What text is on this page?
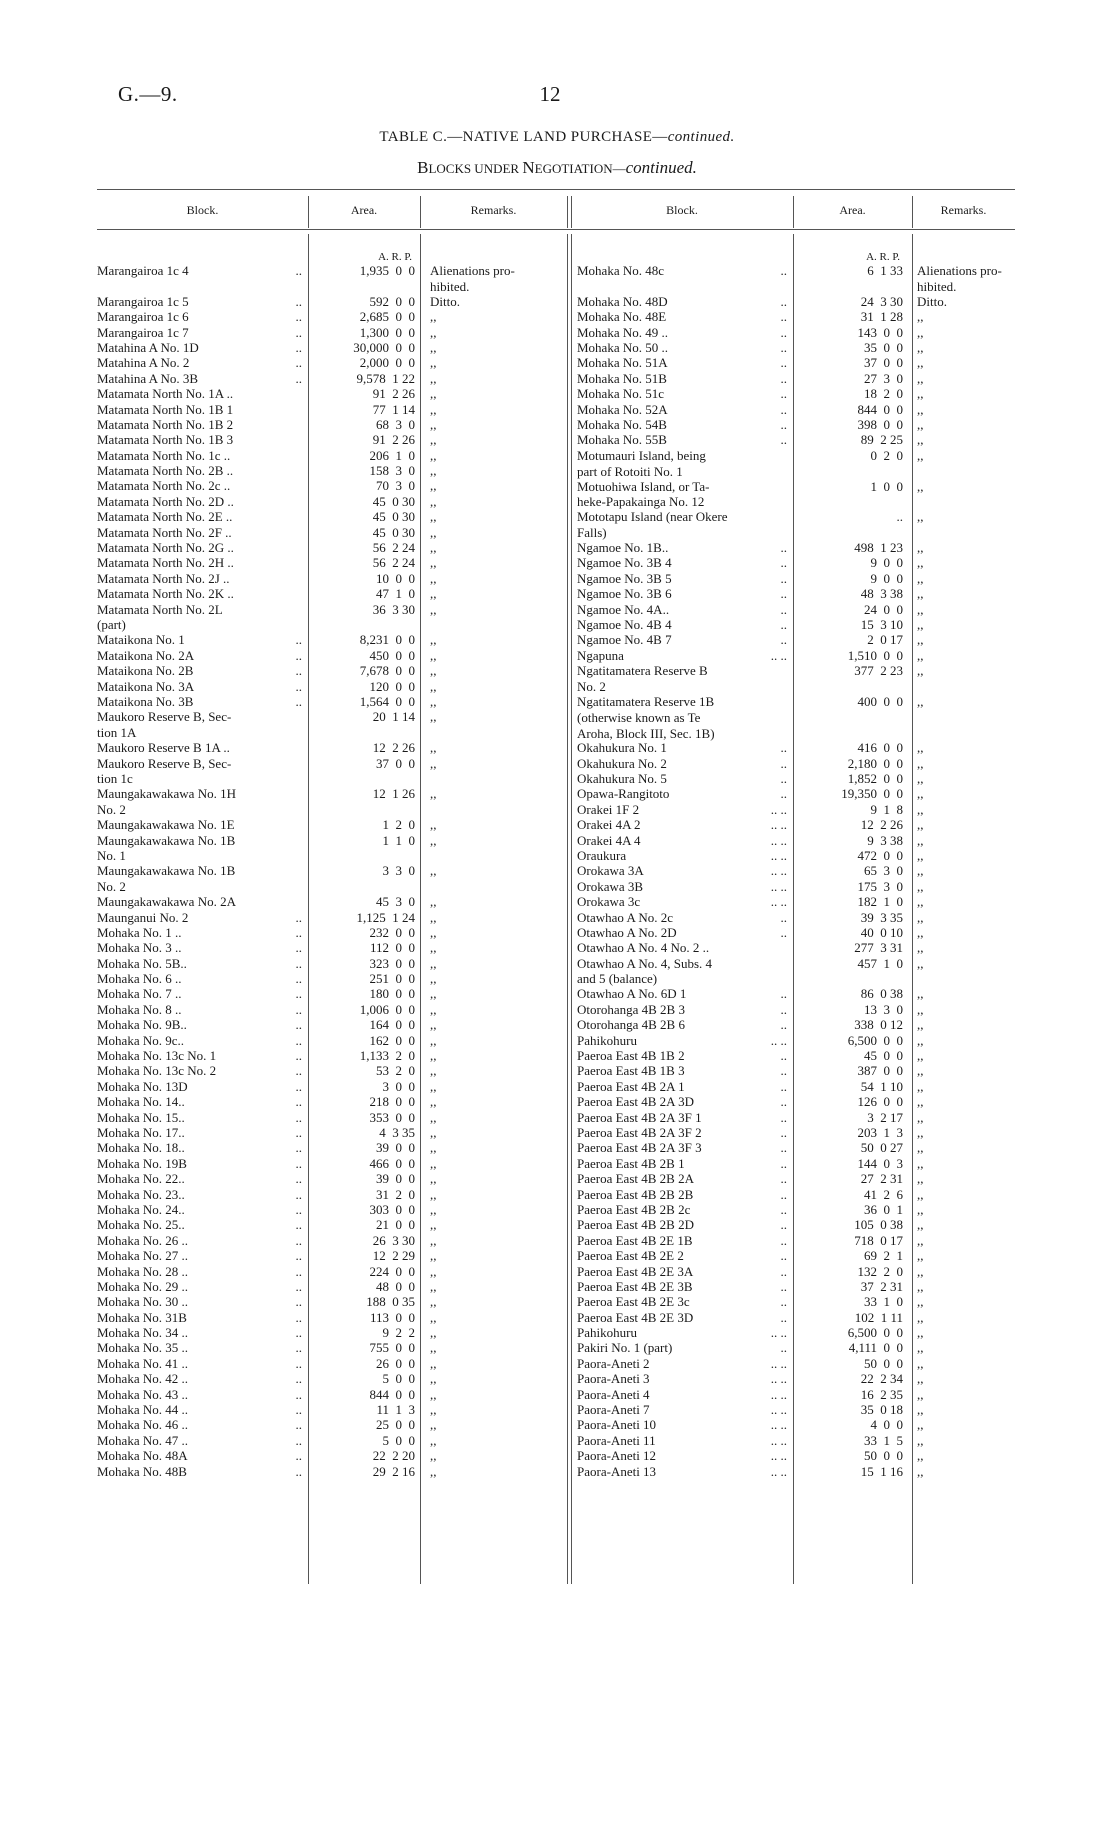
G.—9.	12
TABLE C.—NATIVE LAND PURCHASE—continued.
BLOCKS UNDER NEGOTIATION—continued.
Block.	Area.	Remarks.	Block.	Area.	Remarks.
A. R. P.	A. R. P.
Marangairoa 1c 4	..	1,935  0  0 Alienations pro-
hibited.
Marangairoa 1c 5	..	592  0  0 Ditto.
Marangairoa 1c 6	..	2,685  0  0 ,,
Marangairoa 1c 7	..	1,300  0  0 ,,
Matahina A No. 1D	..	30,000  0  0 ,,
Matahina A No. 2	..	2,000  0  0 ,,
Matahina A No. 3B	..	9,578  1 22 ,,
Matamata North No. 1A ..	91  2 26 ,,
Matamata North No. 1B 1	77  1 14 ,,
Matamata North No. 1B 2	68  3  0 ,,
Matamata North No. 1B 3	91  2 26 ,,
Matamata North No. 1c ..	206  1  0 ,,
Matamata North No. 2B ..	158  3  0 ,,
Matamata North No. 2c ..	70  3  0 ,,
Matamata North No. 2D ..	45  0 30 ,,
Matamata North No. 2E ..	45  0 30 ,,
Matamata North No. 2F ..	45  0 30 ,,
Matamata North No. 2G ..	56  2 24 ,,
Matamata North No. 2H ..	56  2 24 ,,
Matamata North No. 2J ..	10  0  0 ,,
Matamata North No. 2K ..	47  1  0 ,,
Matamata North No. 2L
(part)
36  3 30 ,,
Mataikona No. 1	..	8,231  0  0 ,,
Mataikona No. 2A	..	450  0  0 ,,
Mataikona No. 2B	..	7,678  0  0 ,,
Mataikona No. 3A	..	120  0  0 ,,
Mataikona No. 3B	..	1,564  0  0 ,,
Maukoro Reserve B, Sec-
tion 1A
20  1 14 ,,
Maukoro Reserve B 1A ..	12  2 26 ,,
Maukoro Reserve B, Sec-
tion 1c
37  0  0 ,,
Maungakawakawa No. 1H
No. 2
12  1 26 ,,
Maungakawakawa No. 1E	1  2  0 ,,
Maungakawakawa No. 1B
No. 1
1  1  0 ,,
Maungakawakawa No. 1B
No. 2
3  3  0 ,,
Maungakawakawa No. 2A	45  3  0 ,,
Maunganui No. 2	..	1,125  1 24 ,,
Mohaka No. 1 ..	..	232  0  0 ,,
Mohaka No. 3 ..	..	112  0  0 ,,
Mohaka No. 5B..	..	323  0  0 ,,
Mohaka No. 6 ..	..	251  0  0 ,,
Mohaka No. 7 ..	..	180  0  0 ,,
Mohaka No. 8 ..	..	1,006  0  0 ,,
Mohaka No. 9B..	..	164  0  0 ,,
Mohaka No. 9c..	..	162  0  0 ,,
Mohaka No. 13c No. 1	..	1,133  2  0 ,,
Mohaka No. 13c No. 2	..	53  2  0 ,,
Mohaka No. 13D	..	3  0  0 ,,
Mohaka No. 14..	..	218  0  0 ,,
Mohaka No. 15..	..	353  0  0 ,,
Mohaka No. 17..	..	4  3 35 ,,
Mohaka No. 18..	..	39  0  0 ,,
Mohaka No. 19B	..	466  0  0 ,,
Mohaka No. 22..	..	39  0  0 ,,
Mohaka No. 23..	..	31  2  0 ,,
Mohaka No. 24..	..	303  0  0 ,,
Mohaka No. 25..	..	21  0  0 ,,
Mohaka No. 26 ..	..	26  3 30 ,,
Mohaka No. 27 ..	..	12  2 29 ,,
Mohaka No. 28 ..	..	224  0  0 ,,
Mohaka No. 29 ..	..	48  0  0 ,,
Mohaka No. 30 ..	..	188  0 35 ,,
Mohaka No. 31B	..	113  0  0 ,,
Mohaka No. 34 ..	..	9  2  2 ,,
Mohaka No. 35 ..	..	755  0  0 ,,
Mohaka No. 41 ..	..	26  0  0 ,,
Mohaka No. 42 ..	..	5  0  0 ,,
Mohaka No. 43 ..	..	844  0  0 ,,
Mohaka No. 44 ..	..	11  1  3 ,,
Mohaka No. 46 ..	..	25  0  0 ,,
Mohaka No. 47 ..	..	5  0  0 ,,
Mohaka No. 48A	..	22  2 20 ,,
Mohaka No. 48B	..	29  2 16 ,,
Mohaka No. 48c	..	6  1 33 Alienations pro-
hibited.
Mohaka No. 48D	..	24  3 30 Ditto.
Mohaka No. 48E	..	31  1 28 ,,
Mohaka No. 49 ..	..	143  0  0 ,,
Mohaka No. 50 ..	..	35  0  0 ,,
Mohaka No. 51A	..	37  0  0 ,,
Mohaka No. 51B	..	27  3  0 ,,
Mohaka No. 51c	..	18  2  0 ,,
Mohaka No. 52A	..	844  0  0 ,,
Mohaka No. 54B	..	398  0  0 ,,
Mohaka No. 55B	..	89  2 25 ,,
Motumauri Island, being
part of Rotoiti No. 1
0  2  0 ,,
Motuohiwa Island, or Ta-
heke-Papakainga No. 12
1  0  0 ,,
Mototapu Island (near Okere
Falls)
.. ,,
Ngamoe No. 1B..	..	498  1 23 ,,
Ngamoe No. 3B 4	..	9  0  0 ,,
Ngamoe No. 3B 5	..	9  0  0 ,,
Ngamoe No. 3B 6	..	48  3 38 ,,
Ngamoe No. 4A..	..	24  0  0 ,,
Ngamoe No. 4B 4	..	15  3 10 ,,
Ngamoe No. 4B 7	..	2  0 17 ,,
Ngapuna	.. ..	1,510  0  0 ,,
Ngatitamatera Reserve B
No. 2
377  2 23 ,,
Ngatitamatera Reserve 1B
(otherwise known as Te
Aroha, Block III, Sec. 1B)
400  0  0 ,,
Okahukura No. 1	..	416  0  0 ,,
Okahukura No. 2	..	2,180  0  0 ,,
Okahukura No. 5	..	1,852  0  0 ,,
Opawa-Rangitoto	..	19,350  0  0 ,,
Orakei 1F 2	.. ..	9  1  8 ,,
Orakei 4A 2	.. ..	12  2 26 ,,
Orakei 4A 4	.. ..	9  3 38 ,,
Oraukura	.. ..	472  0  0 ,,
Orokawa 3A	.. ..	65  3  0 ,,
Orokawa 3B	.. ..	175  3  0 ,,
Orokawa 3c	.. ..	182  1  0 ,,
Otawhao A No. 2c	..	39  3 35 ,,
Otawhao A No. 2D	..	40  0 10 ,,
Otawhao A No. 4 No. 2 ..	277  3 31 ,,
Otawhao A No. 4, Subs. 4
and 5 (balance)
457  1  0 ,,
Otawhao A No. 6D 1	..	86  0 38 ,,
Otorohanga 4B 2B 3	..	13  3  0 ,,
Otorohanga 4B 2B 6	..	338  0 12 ,,
Pahikohuru	.. ..	6,500  0  0 ,,
Paeroa East 4B 1B 2	..	45  0  0 ,,
Paeroa East 4B 1B 3	..	387  0  0 ,,
Paeroa East 4B 2A 1	..	54  1 10 ,,
Paeroa East 4B 2A 3D	..	126  0  0 ,,
Paeroa East 4B 2A 3F 1	..	3  2 17 ,,
Paeroa East 4B 2A 3F 2	..	203  1  3 ,,
Paeroa East 4B 2A 3F 3	..	50  0 27 ,,
Paeroa East 4B 2B 1	..	144  0  3 ,,
Paeroa East 4B 2B 2A	..	27  2 31 ,,
Paeroa East 4B 2B 2B	..	41  2  6 ,,
Paeroa East 4B 2B 2c	..	36  0  1 ,,
Paeroa East 4B 2B 2D	..	105  0 38 ,,
Paeroa East 4B 2E 1B	..	718  0 17 ,,
Paeroa East 4B 2E 2	..	69  2  1 ,,
Paeroa East 4B 2E 3A	..	132  2  0 ,,
Paeroa East 4B 2E 3B	..	37  2 31 ,,
Paeroa East 4B 2E 3c	..	33  1  0 ,,
Paeroa East 4B 2E 3D	..	102  1 11 ,,
Pahikohuru	.. ..	6,500  0  0 ,,
Pakiri No. 1 (part)	..	4,111  0  0 ,,
Paora-Aneti 2	.. ..	50  0  0 ,,
Paora-Aneti 3	.. ..	22  2 34 ,,
Paora-Aneti 4	.. ..	16  2 35 ,,
Paora-Aneti 7	.. ..	35  0 18 ,,
Paora-Aneti 10	.. ..	4  0  0 ,,
Paora-Aneti 11	.. ..	33  1  5 ,,
Paora-Aneti 12	.. ..	50  0  0 ,,
Paora-Aneti 13	.. ..	15  1 16 ,,
